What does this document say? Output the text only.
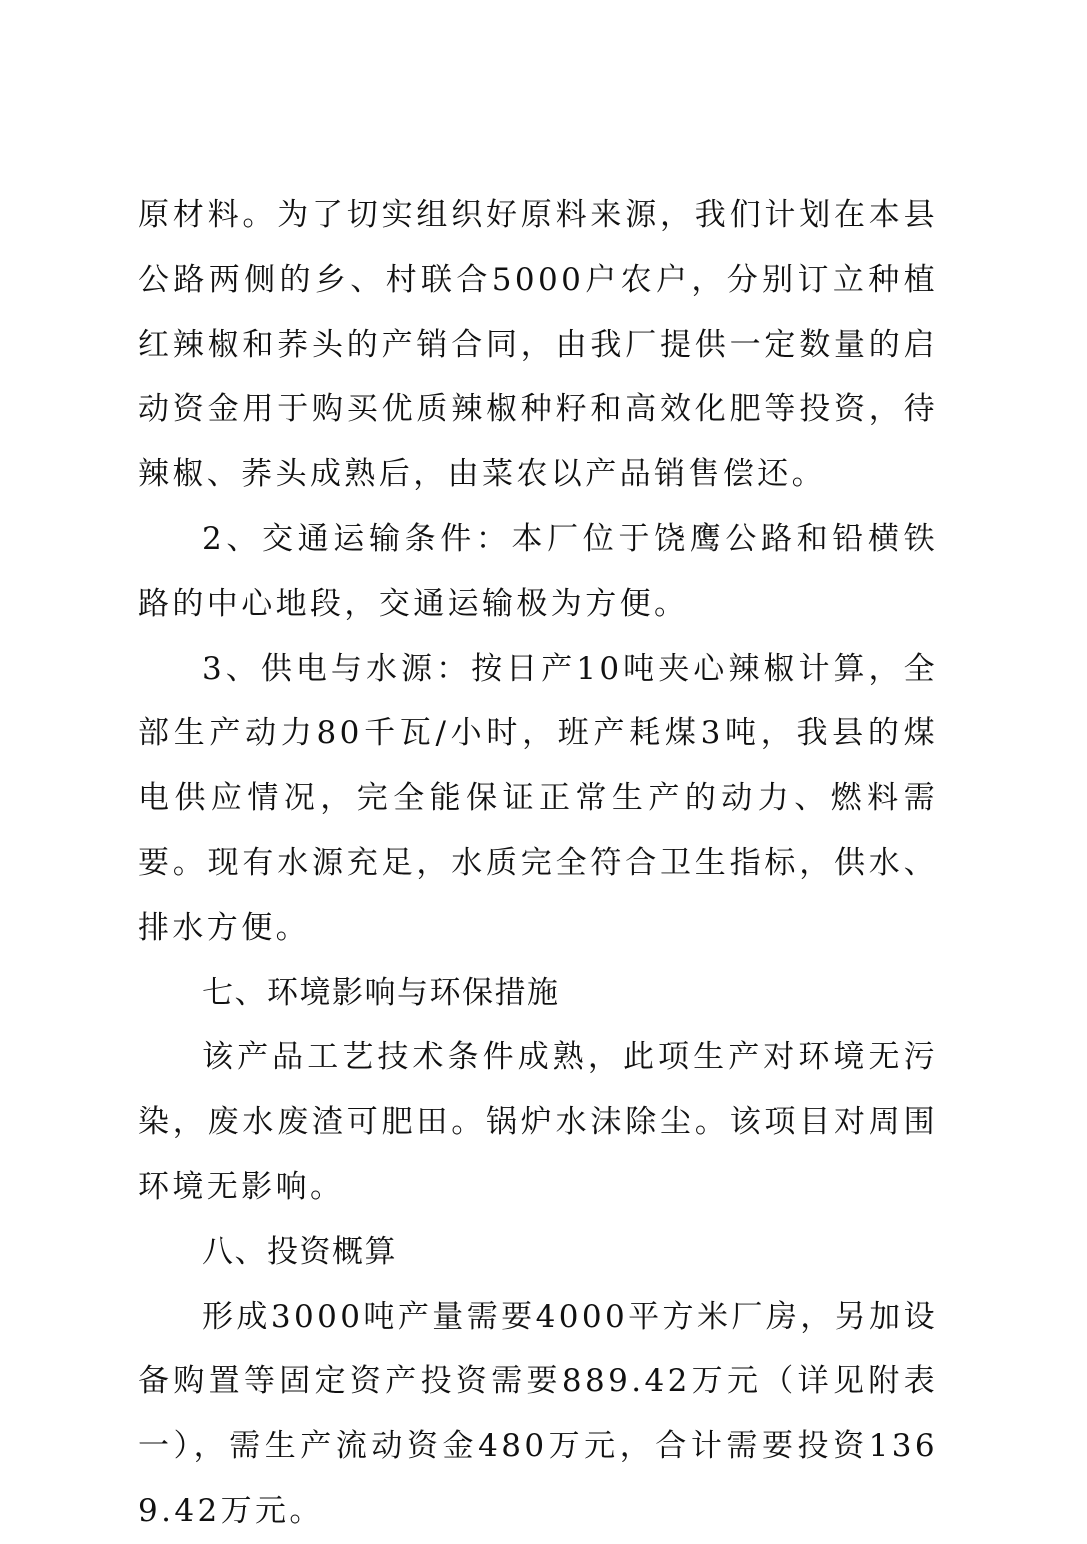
原材料。为了切实组织好原料来源，我们计划在本县公路两侧的乡、村联合5000户农户，分别订立种植红辣椒和荞头的产销合同，由我厂提供一定数量的启动资金用于购买优质辣椒种籽和高效化肥等投资，待辣椒、荞头成熟后，由菜农以产品销售偿还。

2、交通运输条件：本厂位于饶鹰公路和铅横铁路的中心地段，交通运输极为方便。

3、供电与水源：按日产10吨夹心辣椒计算，全部生产动力80千瓦/小时，班产耗煤3吨，我县的煤电供应情况，完全能保证正常生产的动力、燃料需要。现有水源充足，水质完全符合卫生指标，供水、排水方便。

七、环境影响与环保措施

该产品工艺技术条件成熟，此项生产对环境无污染，废水废渣可肥田。锅炉水沫除尘。该项目对周围环境无影响。

八、投资概算

形成3000吨产量需要4000平方米厂房，另加设备购置等固定资产投资需要889.42万元（详见附表一），需生产流动资金480万元，合计需要投资1369.42万元。
